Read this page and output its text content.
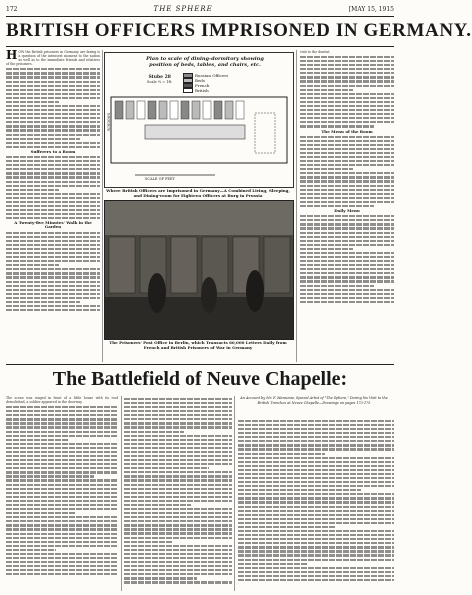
172	THE SPHERE	[MAY 15, 1915
BRITISH OFFICERS IMPRISONED IN GERMANY.
H OW the British prisoners in Germany are faring is a question of the intensest moment to the nation as well as to the immediate friends and relatives of the prisoners.
Sufferers to a Room
A Twenty-five Minutes' Walk in the Garden
Plan to scale of dining-dormitory showing position of beds, tables, and chairs, etc.
Stube 28
Scale ⅛ = 1ft.
Russian Officers
Beds
French
British
SCALE OF FEET
WINDOWS
Where British Officers are Imprisoned in Germany—A Combined Living, Sleeping, and Dining-room for Eighteen Officers at Burg in Prussia
The Prisoners' Post Office in Berlin, which Transacts 60,000 Letters Daily from French and British Prisoners of War in Germany
visit to the dentist.
The Menu of the Room
Daily Menu
The Battlefield of Neuve Chapelle:
An Account by Mr. F. Mansonia, Special Artist of "The Sphere," During his Visit to the British Trenches at Neuve Chapelle—Drawings on pages 173-175
The scene was staged in front of a little house with its roof demolished, a soldier appeared in the doorway.
